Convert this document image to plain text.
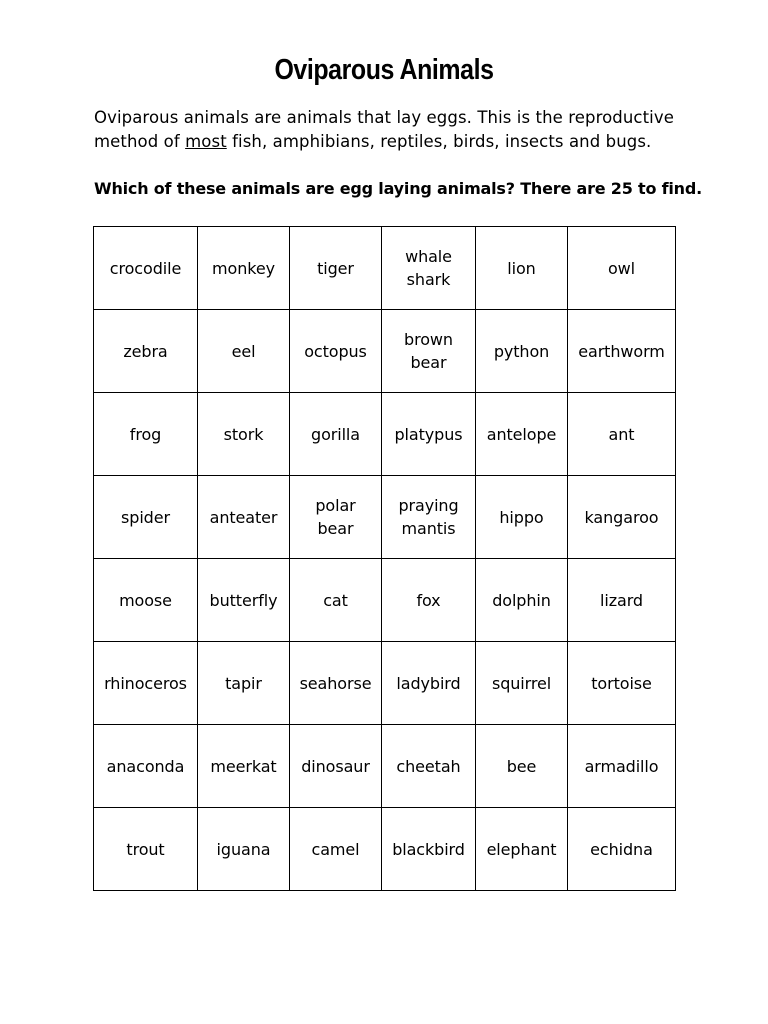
Oviparous Animals

Oviparous animals are animals that lay eggs. This is the reproductive method of most fish, amphibians, reptiles, birds, insects and bugs.

Which of these animals are egg laying animals? There are 25 to find.

crocodile	monkey	tiger	whale shark	lion	owl
zebra	eel	octopus	brown bear	python	earthworm
frog	stork	gorilla	platypus	antelope	ant
spider	anteater	polar bear	praying mantis	hippo	kangaroo
moose	butterfly	cat	fox	dolphin	lizard
rhinoceros	tapir	seahorse	ladybird	squirrel	tortoise
anaconda	meerkat	dinosaur	cheetah	bee	armadillo
trout	iguana	camel	blackbird	elephant	echidna
